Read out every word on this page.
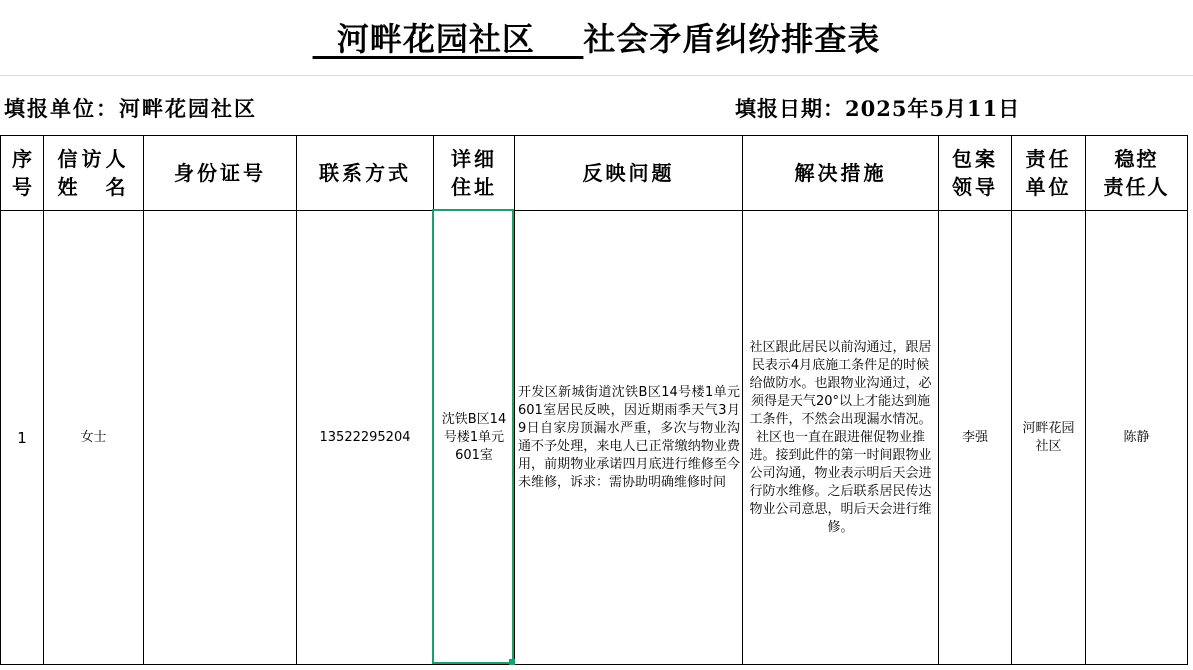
河畔花园社区    社会矛盾纠纷排查表
填报单位：河畔花园社区	填报日期：2025年5月11日
序
号
1
信访人
姓　名
女士
身份证号	联系方式
13522295204
详细
住址
沈铁B区14号楼1单元601室
反映问题
开发区新城街道沈铁B区14号楼1单元601室居民反映，因近期雨季天气3月9日自家房顶漏水严重，多次与物业沟通不予处理，来电人已正常缴纳物业费用，前期物业承诺四月底进行维修至今未维修，诉求：需协助明确维修时间
解决措施
社区跟此居民以前沟通过，跟居民表示4月底施工条件足的时候给做防水。也跟物业沟通过，必须得是天气20°以上才能达到施工条件，不然会出现漏水情况。社区也一直在跟进催促物业推进。接到此件的第一时间跟物业公司沟通，物业表示明后天会进行防水维修。之后联系居民传达物业公司意思，明后天会进行维修。
包案
领导
李强
责任
单位
河畔花园社区
稳控
责任人
陈静
